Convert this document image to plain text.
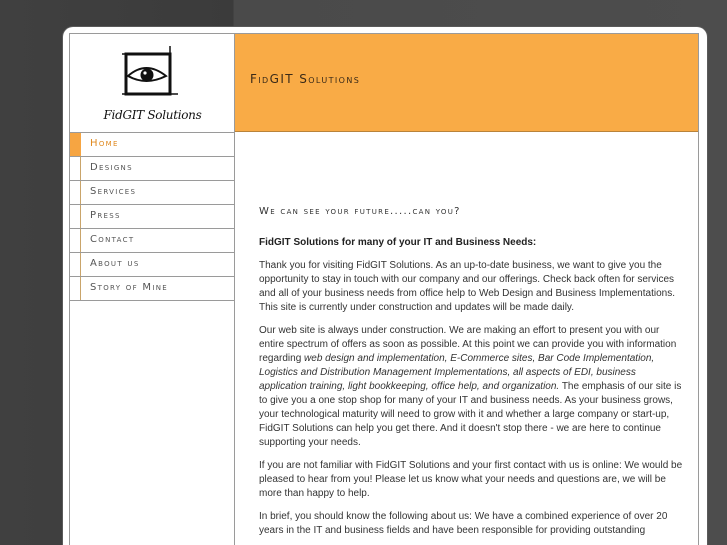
FidGIT Solutions
FidGIT Solutions
Home
Designs
Services
Press
Contact
About us
Story of Mine
We can see your future.....can you?

FidGIT Solutions for many of your IT and Business Needs:

Thank you for visiting FidGIT Solutions. As an up-to-date business, we want to give you the opportunity to stay in touch with our company and our offerings. Check back often for services and all of your business needs from office help to Web Design and Business Implementations. This site is currently under construction and updates will be made daily.

Our web site is always under construction. We are making an effort to present you with our entire spectrum of offers as soon as possible. At this point we can provide you with information regarding web design and implementation, E-Commerce sites, Bar Code Implementation, Logistics and Distribution Management Implementations, all aspects of EDI, business application training, light bookkeeping, office help, and organization. The emphasis of our site is to give you a one stop shop for many of your IT and business needs. As your business grows, your technological maturity will need to grow with it and whether a large company or start-up, FidGIT Solutions can help you get there. And it doesn't stop there - we are here to continue supporting your needs.

If you are not familiar with FidGIT Solutions and your first contact with us is online: We would be pleased to hear from you! Please let us know what your needs and questions are, we will be more than happy to help.

In brief, you should know the following about us: We have a combined experience of over 20 years in the IT and business fields and have been responsible for providing outstanding
